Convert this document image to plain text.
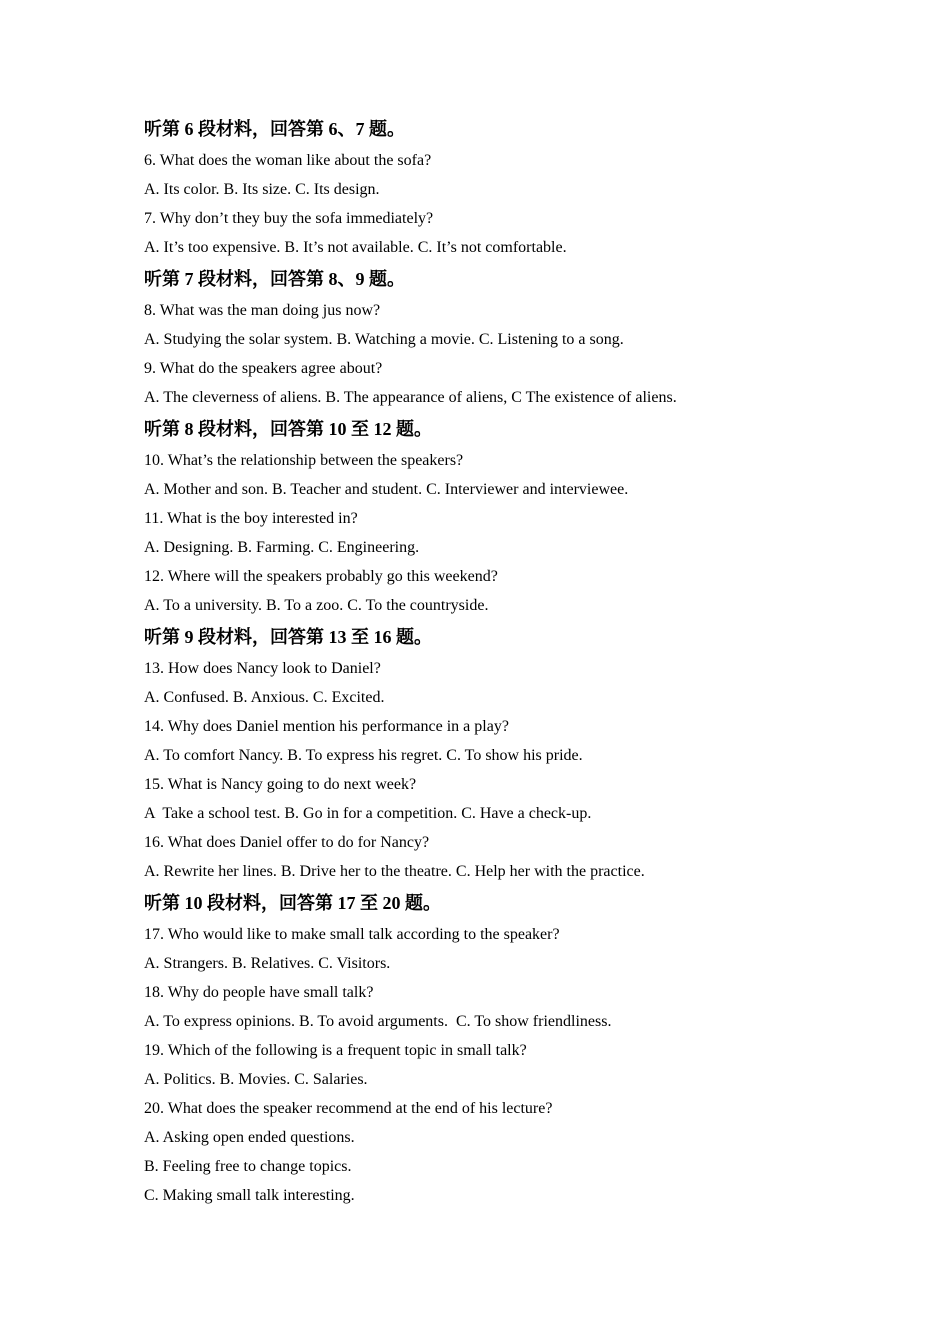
听第 6 段材料，回答第 6、7 题。
6. What does the woman like about the sofa?
A. Its color. B. Its size. C. Its design.
7. Why don’t they buy the sofa immediately?
A. It’s too expensive. B. It’s not available. C. It’s not comfortable.
听第 7 段材料，回答第 8、9 题。
8. What was the man doing jus now?
A. Studying the solar system. B. Watching a movie. C. Listening to a song.
9. What do the speakers agree about?
A. The cleverness of aliens. B. The appearance of aliens, C The existence of aliens.
听第 8 段材料，回答第 10 至 12 题。
10. What’s the relationship between the speakers?
A. Mother and son. B. Teacher and student. C. Interviewer and interviewee.
11. What is the boy interested in?
A. Designing. B. Farming. C. Engineering.
12. Where will the speakers probably go this weekend?
A. To a university. B. To a zoo. C. To the countryside.
听第 9 段材料，回答第 13 至 16 题。
13. How does Nancy look to Daniel?
A. Confused. B. Anxious. C. Excited.
14. Why does Daniel mention his performance in a play?
A. To comfort Nancy. B. To express his regret. C. To show his pride.
15. What is Nancy going to do next week?
A  Take a school test. B. Go in for a competition. C. Have a check-up.
16. What does Daniel offer to do for Nancy?
A. Rewrite her lines. B. Drive her to the theatre. C. Help her with the practice.
听第 10 段材料，回答第 17 至 20 题。
17. Who would like to make small talk according to the speaker?
A. Strangers. B. Relatives. C. Visitors.
18. Why do people have small talk?
A. To express opinions. B. To avoid arguments.  C. To show friendliness.
19. Which of the following is a frequent topic in small talk?
A. Politics. B. Movies. C. Salaries.
20. What does the speaker recommend at the end of his lecture?
A. Asking open ended questions.
B. Feeling free to change topics.
C. Making small talk interesting.
